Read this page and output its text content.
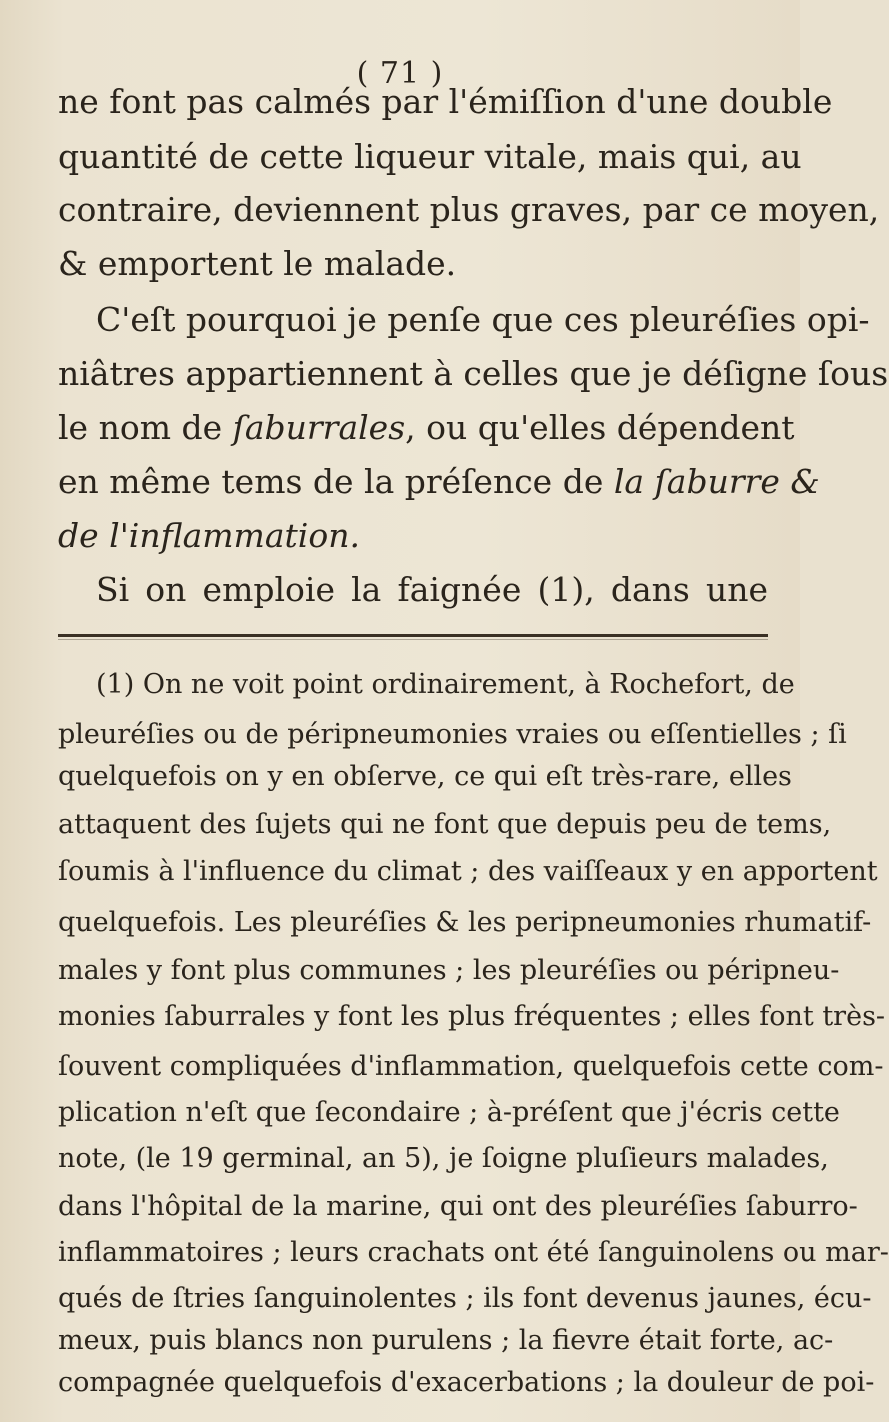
( 71 )
ne font pas calmés par l'émiſſion d'une double
quantité de cette liqueur vitale, mais qui, au
contraire, deviennent plus graves, par ce moyen,
& emportent le malade.
C'eſt pourquoi je penſe que ces pleuréſies opi-
niâtres appartiennent à celles que je déſigne ſous
le nom de ſaburrales, ou qu'elles dépendent
en même tems de la préſence de la ſaburre &
de l'inflammation.
Si on emploie la faignée (1), dans une
(1) On ne voit point ordinairement, à Rochefort, de
pleuréſies ou de péripneumonies vraies ou eſſentielles ; ſi
quelquefois on y en obſerve, ce qui eſt très-rare, elles
attaquent des ſujets qui ne font que depuis peu de tems,
ſoumis à l'influence du climat ; des vaiſſeaux y en apportent
quelquefois. Les pleuréſies & les peripneumonies rhumatif-
males y font plus communes ; les pleuréſies ou péripneu-
monies ſaburrales y font les plus fréquentes ; elles font très-
ſouvent compliquées d'inflammation, quelquefois cette com-
plication n'eſt que ſecondaire ; à-préſent que j'écris cette
note, (le 19 germinal, an 5), je ſoigne pluſieurs malades,
dans l'hôpital de la marine, qui ont des pleuréſies ſaburro-
inflammatoires ; leurs crachats ont été ſanguinolens ou mar-
qués de ſtries ſanguinolentes ; ils font devenus jaunes, écu-
meux, puis blancs non purulens ; la fievre était forte, ac-
compagnée quelquefois d'exacerbations ; la douleur de poi-
